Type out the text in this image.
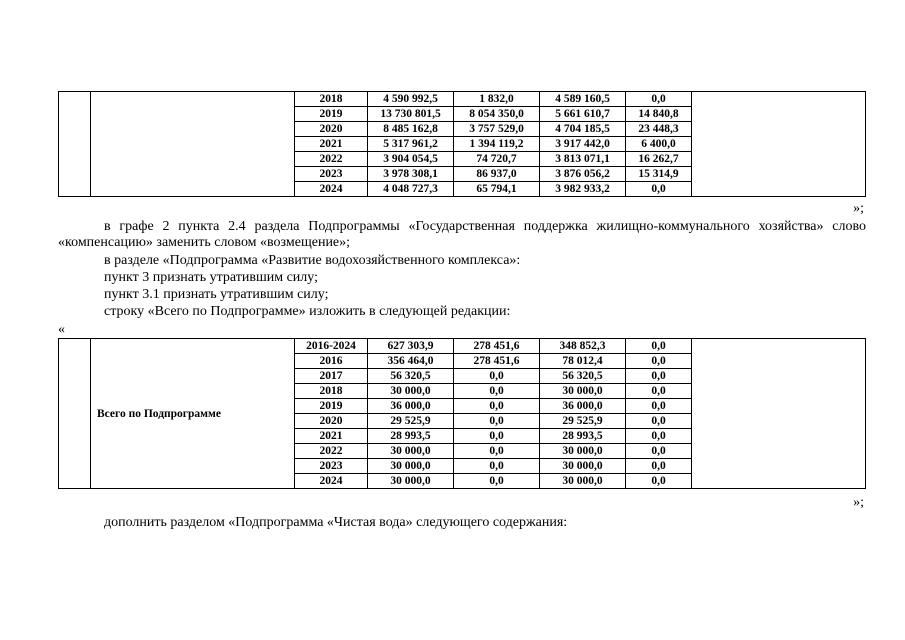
		2018	4 590 992,5	1 832,0	4 589 160,5	0,0	
		2019	13 730 801,5	8 054 350,0	5 661 610,7	14 840,8	
		2020	8 485 162,8	3 757 529,0	4 704 185,5	23 448,3	
		2021	5 317 961,2	1 394 119,2	3 917 442,0	6 400,0	
		2022	3 904 054,5	74 720,7	3 813 071,1	16 262,7	
		2023	3 978 308,1	86 937,0	3 876 056,2	15 314,9	
		2024	4 048 727,3	65 794,1	3 982 933,2	0,0	
»;
в графе 2 пункта 2.4 раздела Подпрограммы «Государственная поддержка жилищно-коммунального хозяйства» слово «компенсацию» заменить словом «возмещение»;
в разделе «Подпрограмма «Развитие водохозяйственного комплекса»:
пункт 3 признать утратившим силу;
пункт 3.1 признать утратившим силу;
строку «Всего по Подпрограмме» изложить в следующей редакции:
«
	Всего по Подпрограмме	2016-2024	627 303,9	278 451,6	348 852,3	0,0	
		2016	356 464,0	278 451,6	78 012,4	0,0	
		2017	56 320,5	0,0	56 320,5	0,0	
		2018	30 000,0	0,0	30 000,0	0,0	
		2019	36 000,0	0,0	36 000,0	0,0	
		2020	29 525,9	0,0	29 525,9	0,0	
		2021	28 993,5	0,0	28 993,5	0,0	
		2022	30 000,0	0,0	30 000,0	0,0	
		2023	30 000,0	0,0	30 000,0	0,0	
		2024	30 000,0	0,0	30 000,0	0,0	
»;
дополнить разделом «Подпрограмма «Чистая вода» следующего содержания:
